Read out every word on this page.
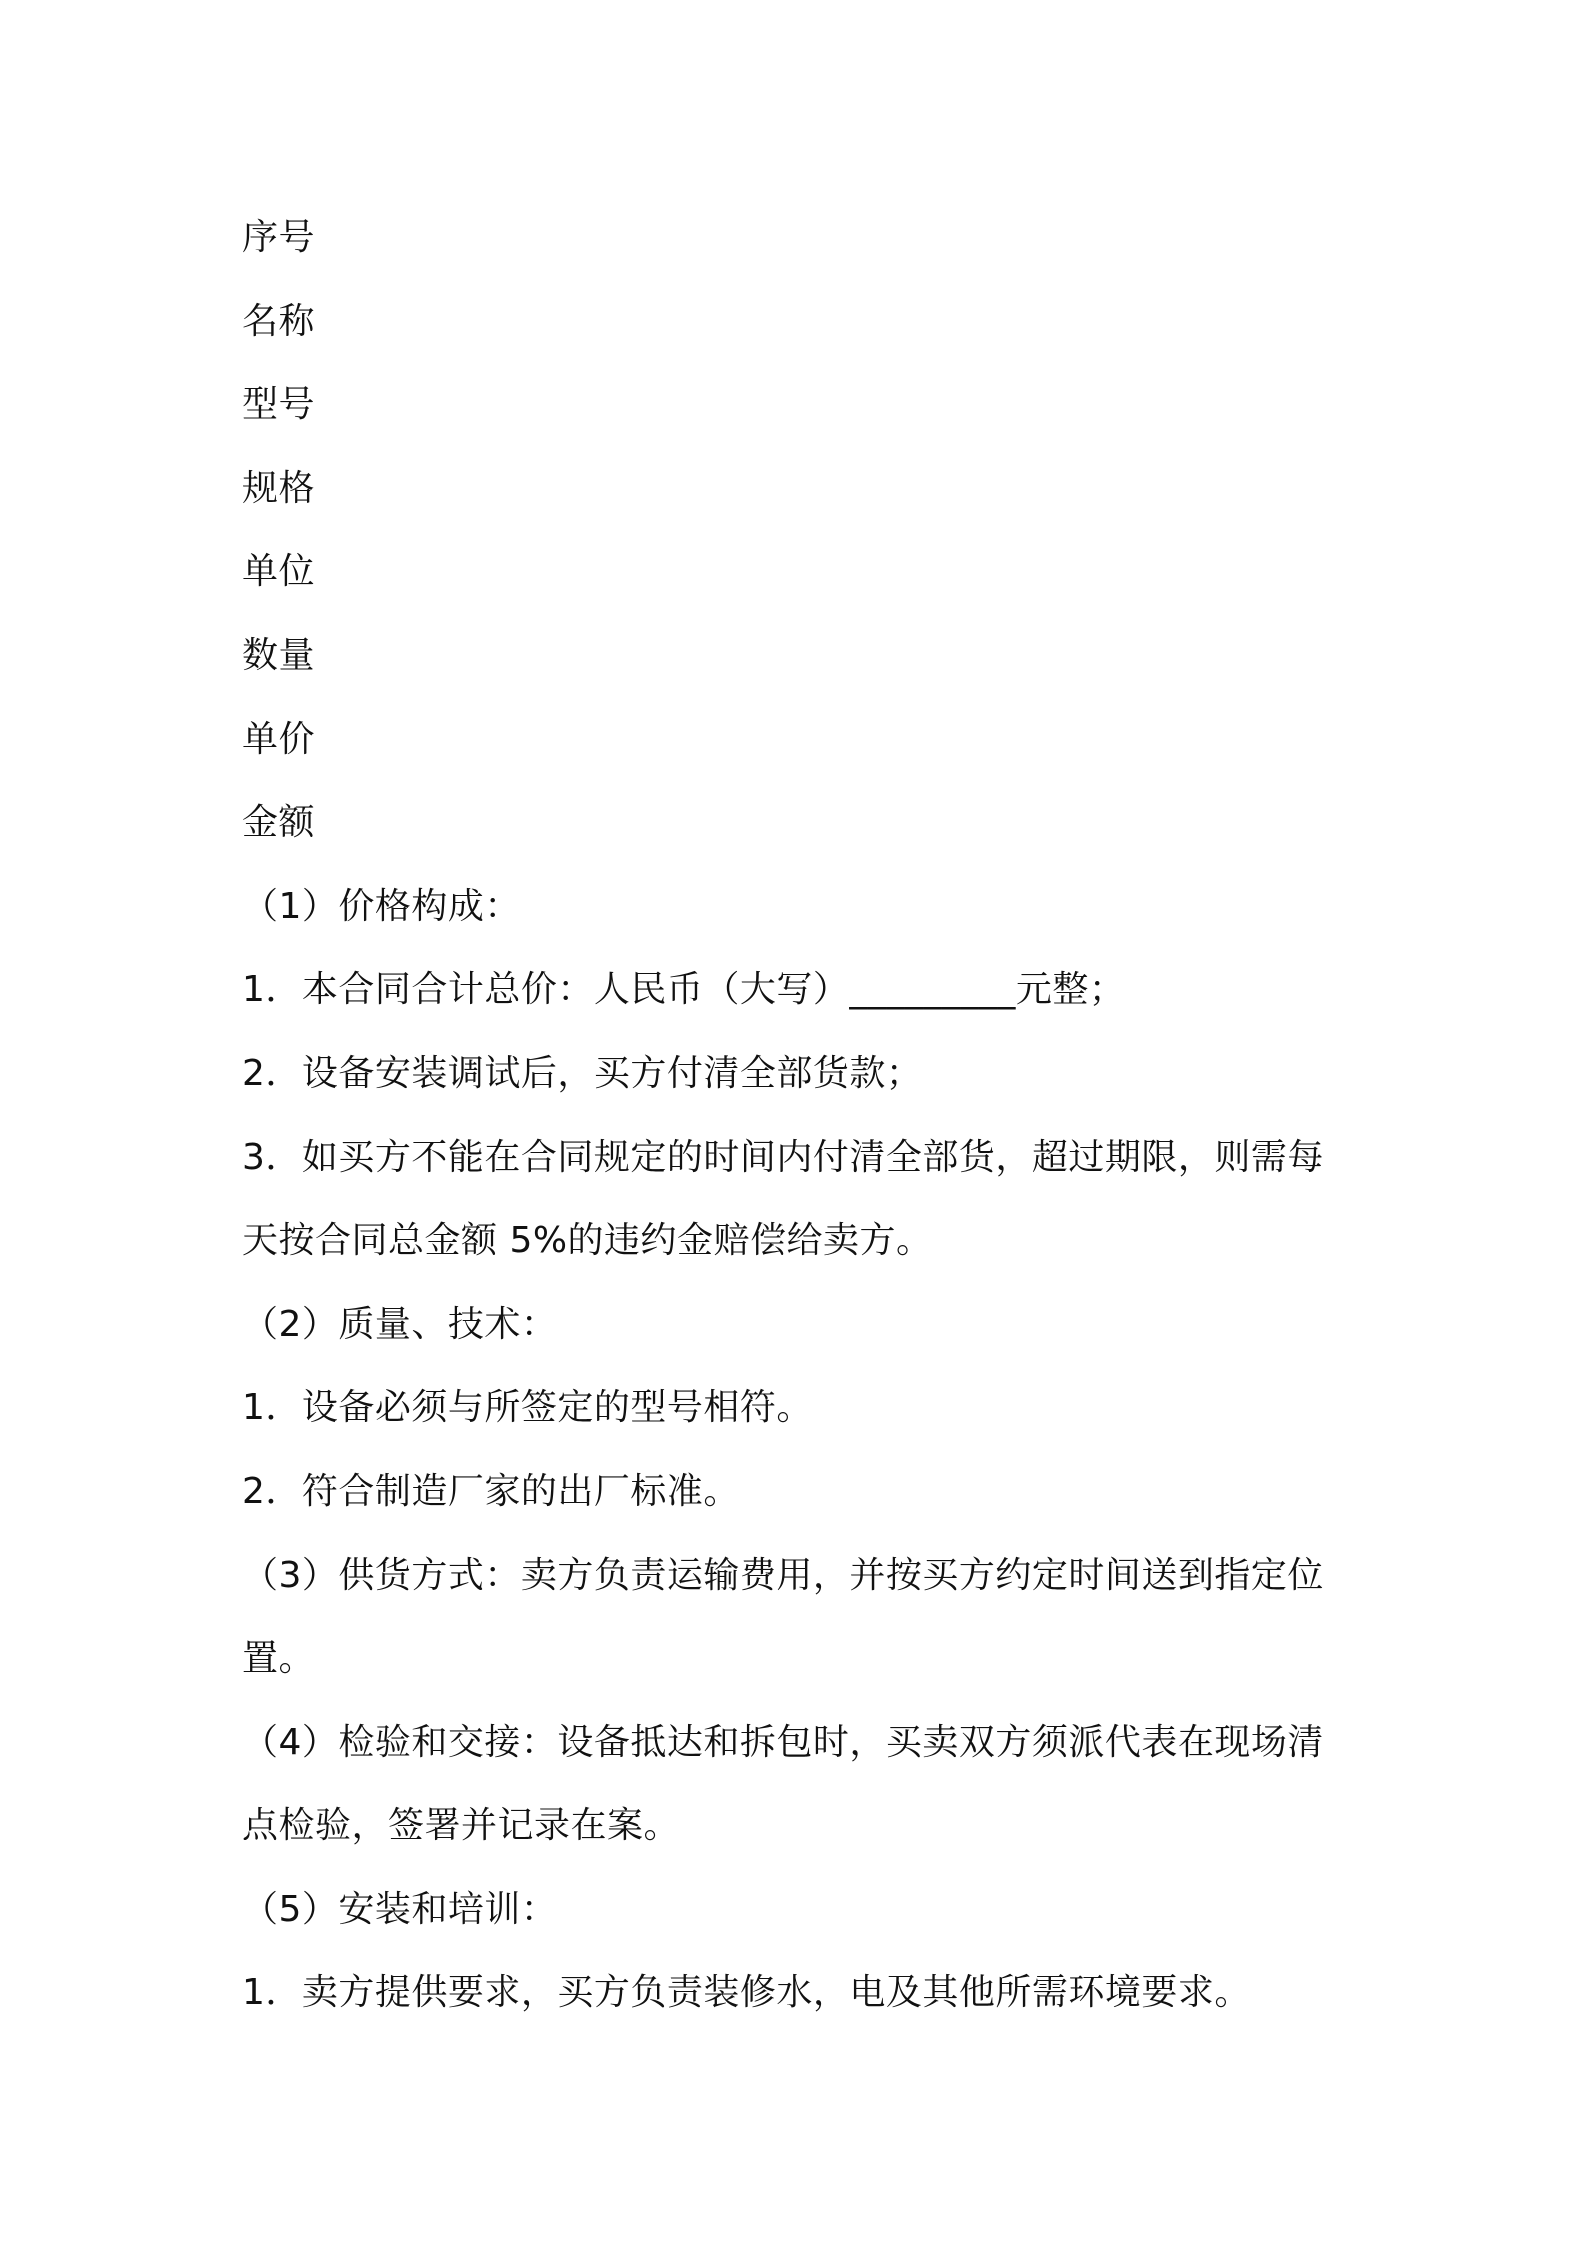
序号
名称
型号
规格
单位
数量
单价
金额
（1）价格构成：
1．本合同合计总价：人民币（大写）_________元整；
2．设备安装调试后，买方付清全部货款；
3．如买方不能在合同规定的时间内付清全部货，超过期限，则需每
天按合同总金额 5%的违约金赔偿给卖方。
（2）质量、技术：
1．设备必须与所签定的型号相符。
2．符合制造厂家的出厂标准。
（3）供货方式：卖方负责运输费用，并按买方约定时间送到指定位
置。
（4）检验和交接：设备抵达和拆包时，买卖双方须派代表在现场清
点检验，签署并记录在案。
（5）安装和培训：
1．卖方提供要求，买方负责装修水，电及其他所需环境要求。
